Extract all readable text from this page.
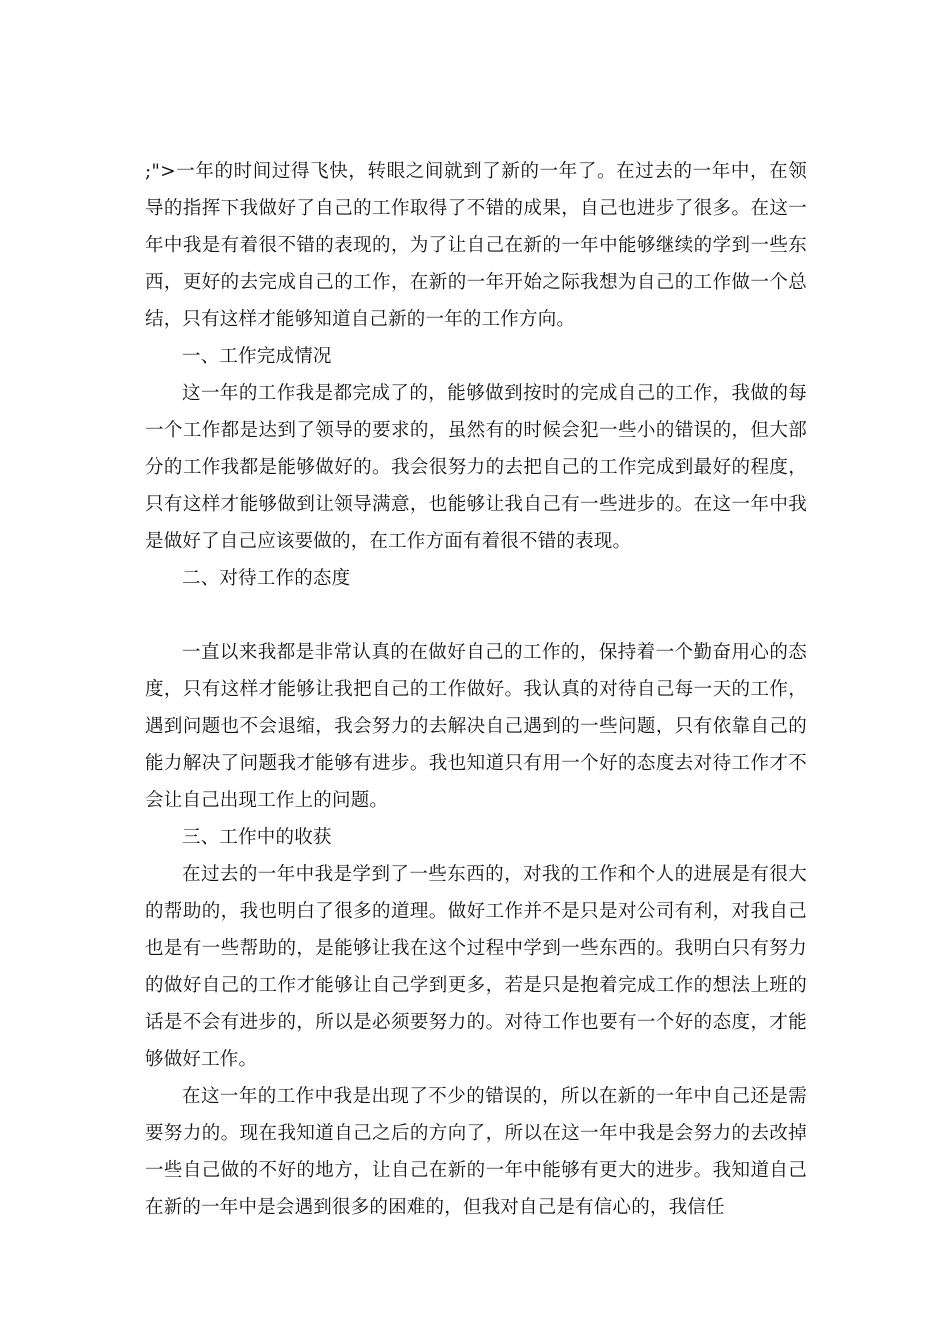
;">一年的时间过得飞快，转眼之间就到了新的一年了。在过去的一年中，在领导的指挥下我做好了自己的工作取得了不错的成果，自己也进步了很多。在这一年中我是有着很不错的表现的，为了让自己在新的一年中能够继续的学到一些东西，更好的去完成自己的工作，在新的一年开始之际我想为自己的工作做一个总结，只有这样才能够知道自己新的一年的工作方向。

一、工作完成情况

这一年的工作我是都完成了的，能够做到按时的完成自己的工作，我做的每一个工作都是达到了领导的要求的，虽然有的时候会犯一些小的错误的，但大部分的工作我都是能够做好的。我会很努力的去把自己的工作完成到最好的程度，只有这样才能够做到让领导满意，也能够让我自己有一些进步的。在这一年中我是做好了自己应该要做的，在工作方面有着很不错的表现。

二、对待工作的态度

一直以来我都是非常认真的在做好自己的工作的，保持着一个勤奋用心的态度，只有这样才能够让我把自己的工作做好。我认真的对待自己每一天的工作，遇到问题也不会退缩，我会努力的去解决自己遇到的一些问题，只有依靠自己的能力解决了问题我才能够有进步。我也知道只有用一个好的态度去对待工作才不会让自己出现工作上的问题。

三、工作中的收获

在过去的一年中我是学到了一些东西的，对我的工作和个人的进展是有很大的帮助的，我也明白了很多的道理。做好工作并不是只是对公司有利，对我自己也是有一些帮助的，是能够让我在这个过程中学到一些东西的。我明白只有努力的做好自己的工作才能够让自己学到更多，若是只是抱着完成工作的想法上班的话是不会有进步的，所以是必须要努力的。对待工作也要有一个好的态度，才能够做好工作。

在这一年的工作中我是出现了不少的错误的，所以在新的一年中自己还是需要努力的。现在我知道自己之后的方向了，所以在这一年中我是会努力的去改掉一些自己做的不好的地方，让自己在新的一年中能够有更大的进步。我知道自己在新的一年中是会遇到很多的困难的，但我对自己是有信心的，我信任
